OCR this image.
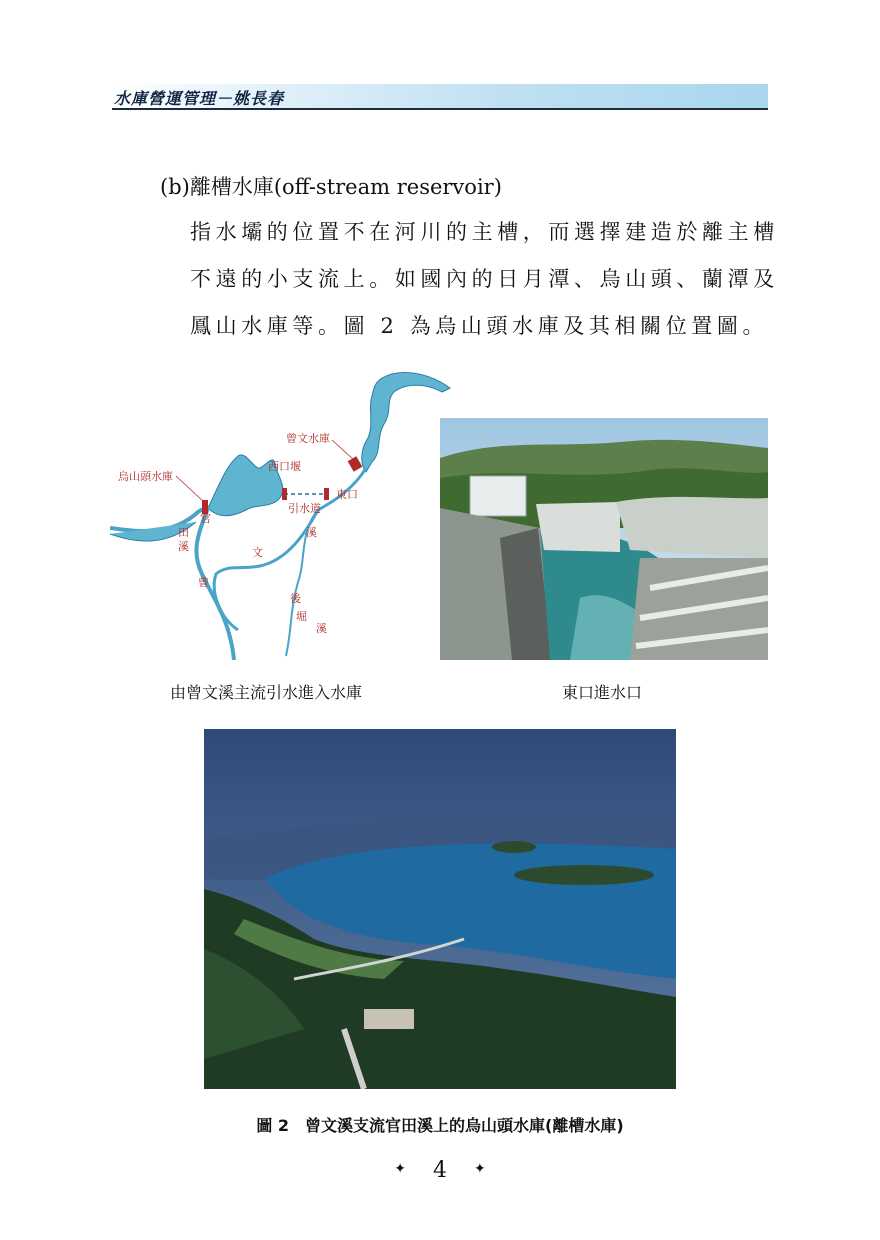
水庫營運管理－姚長春
(b)離槽水庫(off-stream reservoir)
指水壩的位置不在河川的主槽，而選擇建造於離主槽
不遠的小支流上。如國內的日月潭、烏山頭、蘭潭及
鳳山水庫等。圖 2 為烏山頭水庫及其相關位置圖。
曾文水庫
烏山頭水庫
西口堰
東口
引水道
官
田
溪
曾
文
溪
後
堀
溪
由曾文溪主流引水進入水庫	東口進水口
圖 2　曾文溪支流官田溪上的烏山頭水庫(離槽水庫)
✦ 4 ✦
